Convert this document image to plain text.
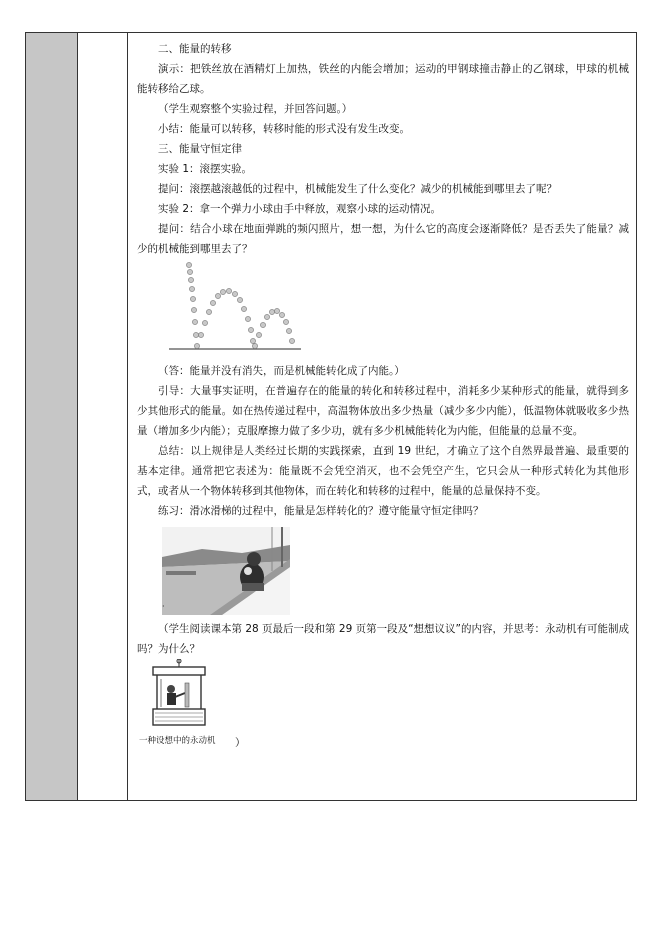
二、能量的转移

演示：把铁丝放在酒精灯上加热，铁丝的内能会增加；运动的甲钢球撞击静止的乙钢球，甲球的机械能转移给乙球。

（学生观察整个实验过程，并回答问题。）

小结：能量可以转移，转移时能的形式没有发生改变。

三、能量守恒定律

实验 1：滚摆实验。

提问：滚摆越滚越低的过程中，机械能发生了什么变化？减少的机械能到哪里去了呢？

实验 2：拿一个弹力小球由手中释放，观察小球的运动情况。

提问：结合小球在地面弹跳的频闪照片，想一想，为什么它的高度会逐渐降低？是否丢失了能量？减少的机械能到哪里去了？

（答：能量并没有消失，而是机械能转化成了内能。）

引导：大量事实证明，在普遍存在的能量的转化和转移过程中，消耗多少某种形式的能量，就得到多少其他形式的能量。如在热传递过程中，高温物体放出多少热量（减少多少内能），低温物体就吸收多少热量（增加多少内能）；克服摩擦力做了多少功，就有多少机械能转化为内能，但能量的总量不变。

总结：以上规律是人类经过长期的实践探索，直到 19 世纪，才确立了这个自然界最普遍、最重要的基本定律。通常把它表述为：能量既不会凭空消灭，也不会凭空产生，它只会从一种形式转化为其他形式，或者从一个物体转移到其他物体，而在转化和转移的过程中，能量的总量保持不变。

练习：滑冰滑梯的过程中，能量是怎样转化的？遵守能量守恒定律吗？

·

（学生阅读课本第 28 页最后一段和第 29 页第一段及“想想议议”的内容，并思考：永动机有可能制成吗？为什么？

一种设想中的永动机 ）
